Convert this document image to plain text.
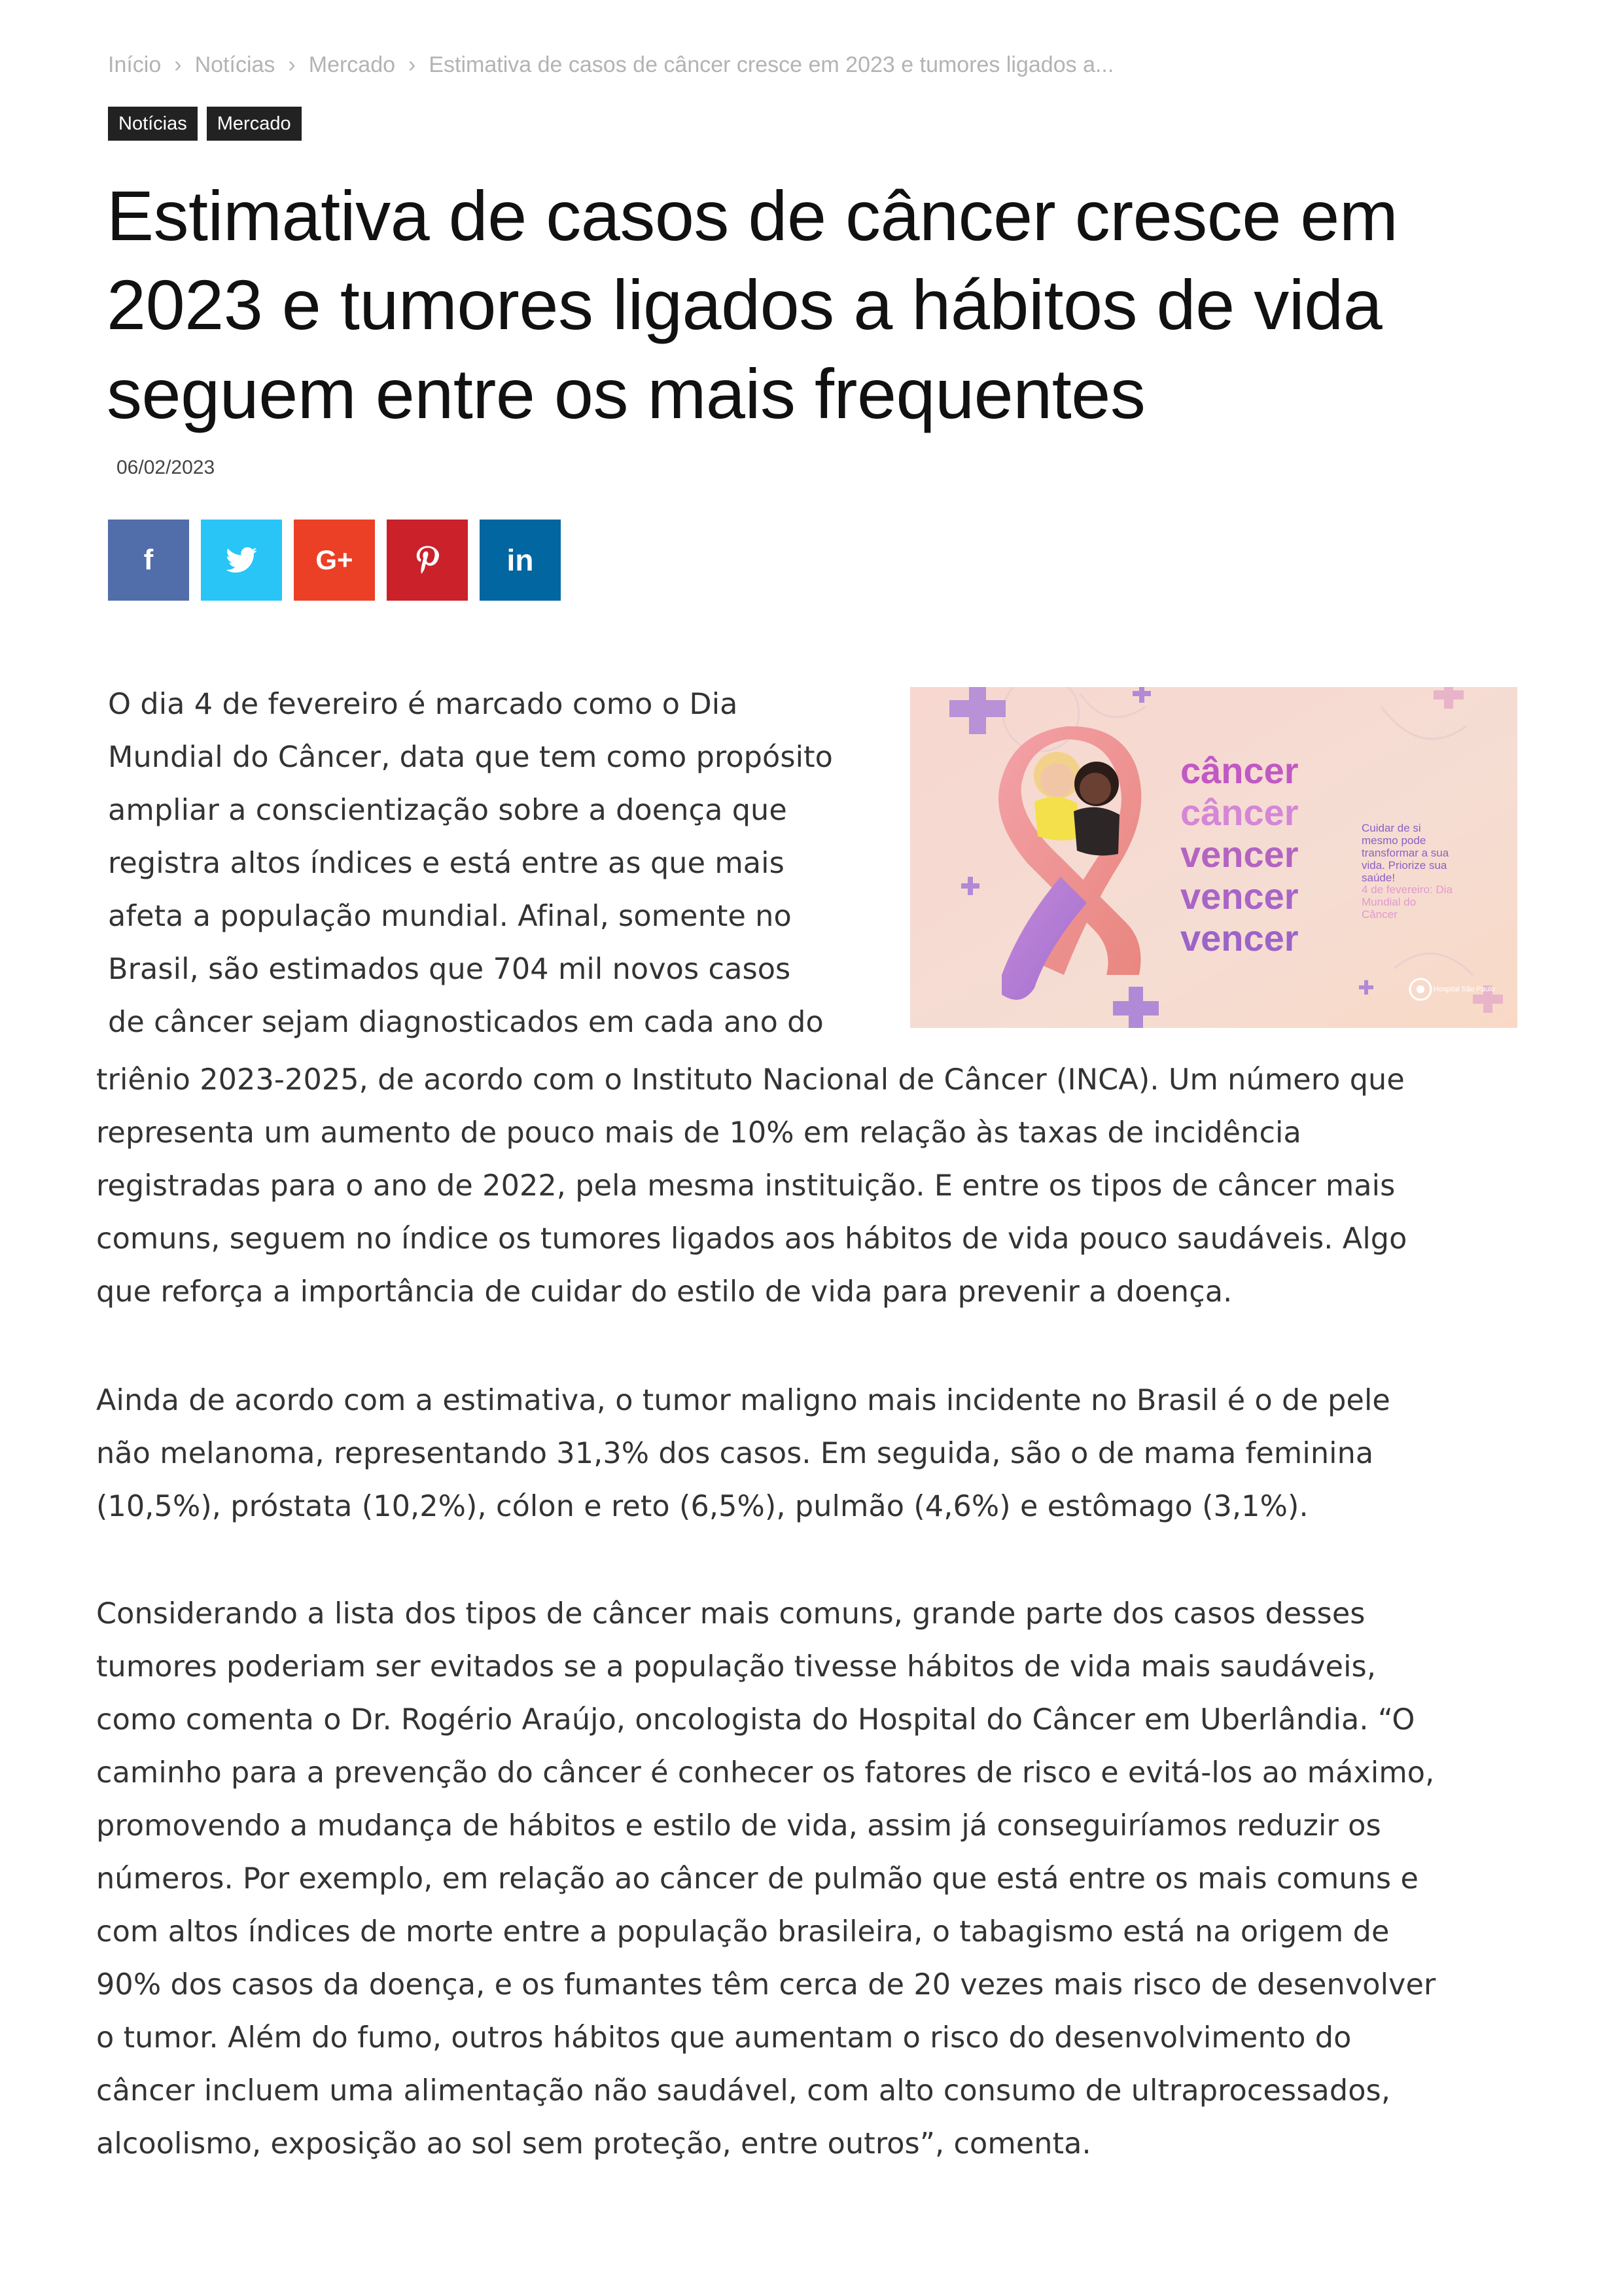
Início › Notícias › Mercado › Estimativa de casos de câncer cresce em 2023 e tumores ligados a...
Notícias	Mercado
Estimativa de casos de câncer cresce em 2023 e tumores ligados a hábitos de vida seguem entre os mais frequentes
06/02/2023
f	G+	in
O dia 4 de fevereiro é marcado como o Dia
Mundial do Câncer, data que tem como propósito
ampliar a conscientização sobre a doença que
registra altos índices e está entre as que mais
afeta a população mundial. Afinal, somente no
Brasil, são estimados que 704 mil novos casos
de câncer sejam diagnosticados em cada ano do
câncer
câncer
vencer
vencer
vencer
Cuidar de si mesmo pode transformar a sua vida. Priorize sua saúde!
4 de fevereiro: Dia Mundial do Câncer
Hospital São Paulo
triênio 2023-2025, de acordo com o Instituto Nacional de Câncer (INCA). Um número que
representa um aumento de pouco mais de 10% em relação às taxas de incidência
registradas para o ano de 2022, pela mesma instituição. E entre os tipos de câncer mais
comuns, seguem no índice os tumores ligados aos hábitos de vida pouco saudáveis. Algo
que reforça a importância de cuidar do estilo de vida para prevenir a doença.
Ainda de acordo com a estimativa, o tumor maligno mais incidente no Brasil é o de pele
não melanoma, representando 31,3% dos casos. Em seguida, são o de mama feminina
(10,5%), próstata (10,2%), cólon e reto (6,5%), pulmão (4,6%) e estômago (3,1%).
Considerando a lista dos tipos de câncer mais comuns, grande parte dos casos desses
tumores poderiam ser evitados se a população tivesse hábitos de vida mais saudáveis,
como comenta o Dr. Rogério Araújo, oncologista do Hospital do Câncer em Uberlândia. “O
caminho para a prevenção do câncer é conhecer os fatores de risco e evitá-los ao máximo,
promovendo a mudança de hábitos e estilo de vida, assim já conseguiríamos reduzir os
números. Por exemplo, em relação ao câncer de pulmão que está entre os mais comuns e
com altos índices de morte entre a população brasileira, o tabagismo está na origem de
90% dos casos da doença, e os fumantes têm cerca de 20 vezes mais risco de desenvolver
o tumor. Além do fumo, outros hábitos que aumentam o risco do desenvolvimento do
câncer incluem uma alimentação não saudável, com alto consumo de ultraprocessados,
alcoolismo, exposição ao sol sem proteção, entre outros”, comenta.
